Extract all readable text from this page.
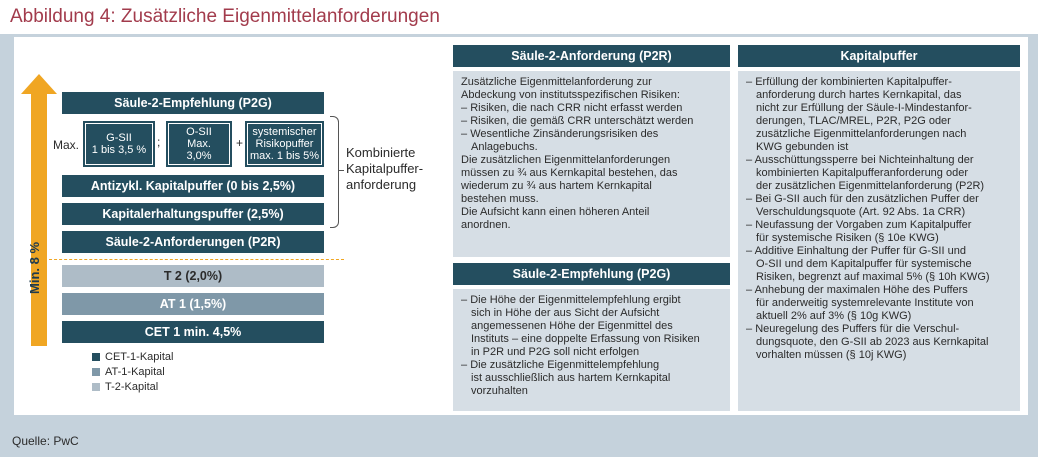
Abbildung 4: Zusätzliche Eigenmittelanforderungen
Quelle: PwC
Min. 8 %
Säule-2-Empfehlung (P2G)
Max. G-SII
1 bis 3,5 %
;
O-SII
Max.
3,0%
+
systemischer
Risikopuffer
max. 1 bis 5%
Antizykl. Kapitalpuffer (0 bis 2,5%)
Kapitalerhaltungspuffer (2,5%)
Säule-2-Anforderungen (P2R)
T 2 (2,0%)
AT 1 (1,5%)
CET 1 min. 4,5%
Kombinierte
Kapitalpuffer-
anforderung
CET-1-Kapital
AT-1-Kapital
T-2-Kapital
Säule-2-Anforderung (P2R)

Zusätzliche Eigenmittelanforderung zur

Abdeckung von institutsspezifischen Risiken:

– Risiken, die nach CRR nicht erfasst werden
– Risiken, die gemäß CRR unterschätzt werden
– Wesentliche Zinsänderungsrisiken des
Anlagebuchs.

Die zusätzlichen Eigenmittelanforderungen

müssen zu ¾ aus Kernkapital bestehen, das

wiederum zu ¾ aus hartem Kernkapital

bestehen muss.

Die Aufsicht kann einen höheren Anteil

anordnen.

Säule-2-Empfehlung (P2G)
– Die Höhe der Eigenmittelempfehlung ergibt
sich in Höhe der aus Sicht der Aufsicht
angemessenen Höhe der Eigenmittel des
Instituts – eine doppelte Erfassung von Risiken
in P2R und P2G soll nicht erfolgen
– Die zusätzliche Eigenmittelempfehlung
ist ausschließlich aus hartem Kernkapital
vorzuhalten
Kapitalpuffer
– Erfüllung der kombinierten Kapitalpuffer-
anforderung durch hartes Kernkapital, das
nicht zur Erfüllung der Säule-I-Mindestanfor-
derungen, TLAC/MREL, P2R, P2G oder
zusätzliche Eigenmittelanforderungen nach
KWG gebunden ist
– Ausschüttungssperre bei Nichteinhaltung der
kombinierten Kapitalpufferanforderung oder
der zusätzlichen Eigenmittelanforderung (P2R)
– Bei G-SII auch für den zusätzlichen Puffer der
Verschuldungsquote (Art. 92 Abs. 1a CRR)
– Neufassung der Vorgaben zum Kapitalpuffer
für systemische Risiken (§ 10e KWG)
– Additive Einhaltung der Puffer für G-SII und
O-SII und dem Kapitalpuffer für systemische
Risiken, begrenzt auf maximal 5% (§ 10h KWG)
– Anhebung der maximalen Höhe des Puffers
für anderweitig systemrelevante Institute von
aktuell 2% auf 3% (§ 10g KWG)
– Neuregelung des Puffers für die Verschul-
dungsquote, den G-SII ab 2023 aus Kernkapital
vorhalten müssen (§ 10j KWG)
